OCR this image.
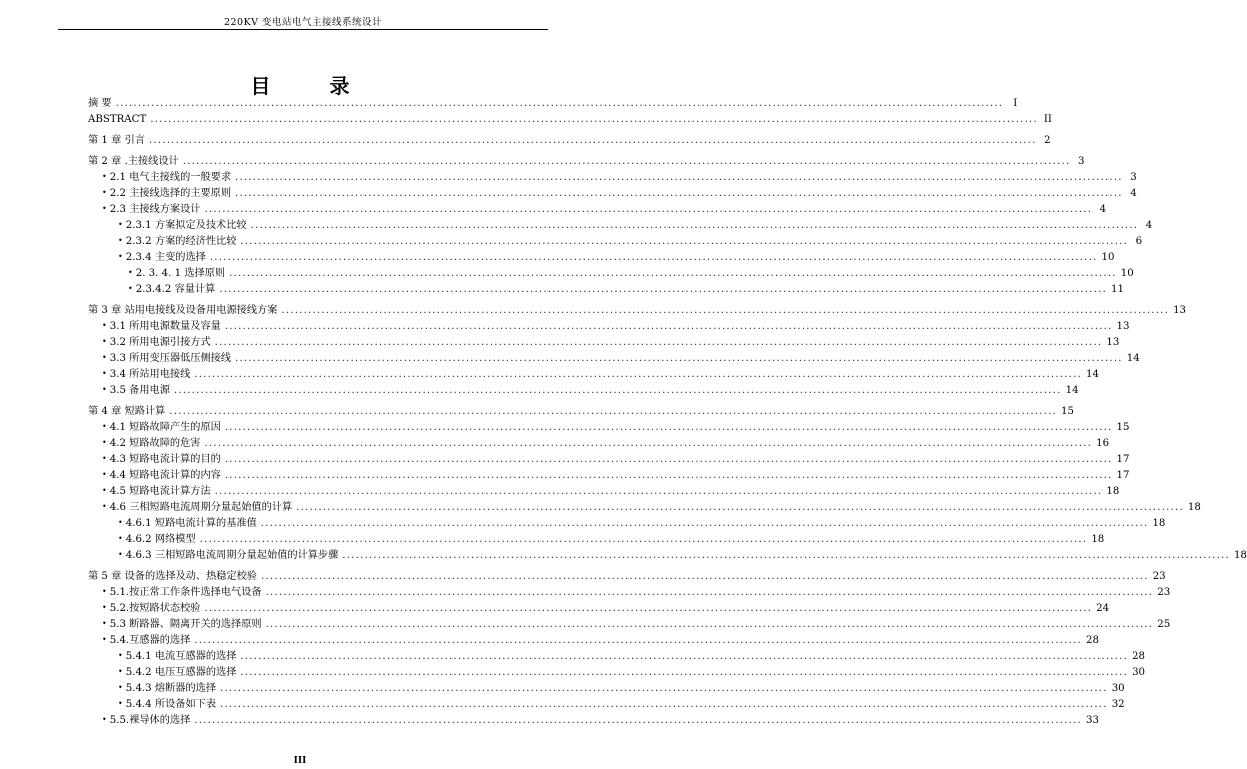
220KV 变电站电气主接线系统设计
目 录
摘 要 ........................................................................................................................................................................................................ I
ABSTRACT ........................................................................................................................................................................................................ II
第 1 章 引言 ........................................................................................................................................................................................................ 2
第 2 章 .主接线设计 ........................................................................................................................................................................................................ 3
• 2.1 电气主接线的一般要求 ........................................................................................................................................................................................................ 3
• 2.2 主接线选择的主要原则 ........................................................................................................................................................................................................ 4
• 2.3 主接线方案设计 ........................................................................................................................................................................................................ 4
• 2.3.1 方案拟定及技术比较 ........................................................................................................................................................................................................ 4
• 2.3.2 方案的经济性比较 ........................................................................................................................................................................................................ 6
• 2.3.4 主变的选择 ........................................................................................................................................................................................................ 10
• 2. 3. 4. 1 选择原则 ........................................................................................................................................................................................................ 10
• 2.3.4.2 容量计算 ........................................................................................................................................................................................................ 11
第 3 章 站用电接线及设备用电源接线方案 ........................................................................................................................................................................................................ 13
• 3.1 所用电源数量及容量 ........................................................................................................................................................................................................ 13
• 3.2 所用电源引接方式 ........................................................................................................................................................................................................ 13
• 3.3 所用变压器低压侧接线 ........................................................................................................................................................................................................ 14
• 3.4 所站用电接线 ........................................................................................................................................................................................................ 14
• 3.5 备用电源 ........................................................................................................................................................................................................ 14
第 4 章 短路计算 ........................................................................................................................................................................................................ 15
• 4.1 短路故障产生的原因 ........................................................................................................................................................................................................ 15
• 4.2 短路故障的危害 ........................................................................................................................................................................................................ 16
• 4.3 短路电流计算的目的 ........................................................................................................................................................................................................ 17
• 4.4 短路电流计算的内容 ........................................................................................................................................................................................................ 17
• 4.5 短路电流计算方法 ........................................................................................................................................................................................................ 18
• 4.6 三相短路电流周期分量起始值的计算 ........................................................................................................................................................................................................ 18
• 4.6.1 短路电流计算的基准值 ........................................................................................................................................................................................................ 18
• 4.6.2 网络模型 ........................................................................................................................................................................................................ 18
• 4.6.3 三相短路电流周期分量起始值的计算步骤 ........................................................................................................................................................................................................ 18
第 5 章 设备的选择及动、热稳定校验 ........................................................................................................................................................................................................ 23
• 5.1.按正常工作条件选择电气设备 ........................................................................................................................................................................................................ 23
• 5.2.按短路状态校验 ........................................................................................................................................................................................................ 24
• 5.3 断路器、隔离开关的选择原则 ........................................................................................................................................................................................................ 25
• 5.4.互感器的选择 ........................................................................................................................................................................................................ 28
• 5.4.1 电流互感器的选择 ........................................................................................................................................................................................................ 28
• 5.4.2 电压互感器的选择 ........................................................................................................................................................................................................ 30
• 5.4.3 熔断器的选择 ........................................................................................................................................................................................................ 30
• 5.4.4 所设备如下表 ........................................................................................................................................................................................................ 32
• 5.5.裸导体的选择 ........................................................................................................................................................................................................ 33
III
